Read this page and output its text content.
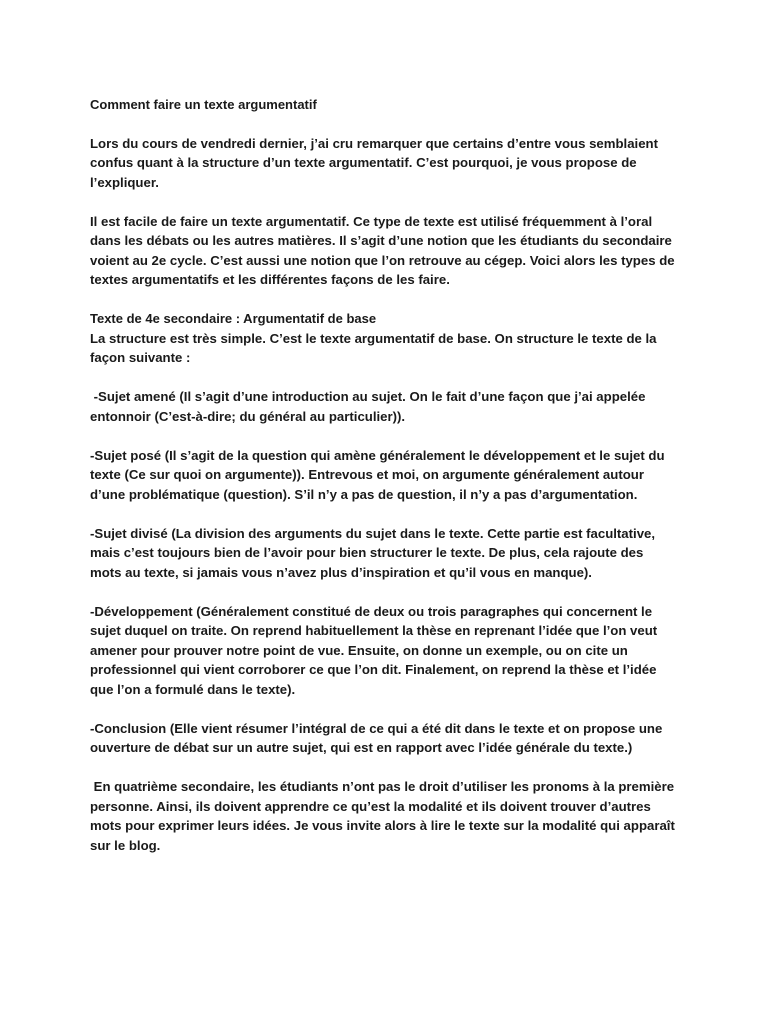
Comment faire un texte argumentatif
Lors du cours de vendredi dernier, j’ai cru remarquer que certains d’entre vous semblaient
confus quant à la structure d’un texte argumentatif. C’est pourquoi, je vous propose de
l’expliquer.
Il est facile de faire un texte argumentatif. Ce type de texte est utilisé fréquemment à l’oral
dans les débats ou les autres matières. Il s’agit d’une notion que les étudiants du secondaire
voient au 2e cycle. C’est aussi une notion que l’on retrouve au cégep. Voici alors les types de
textes argumentatifs et les différentes façons de les faire.
Texte de 4e secondaire : Argumentatif de base
La structure est très simple. C’est le texte argumentatif de base. On structure le texte de la
façon suivante :
-Sujet amené (Il s’agit d’une introduction au sujet. On le fait d’une façon que j’ai appelée
entonnoir (C’est-à-dire; du général au particulier)).
-Sujet posé (Il s’agit de la question qui amène généralement le développement et le sujet du
texte (Ce sur quoi on argumente)). Entrevous et moi, on argumente généralement autour
d’une problématique (question). S’il n’y a pas de question, il n’y a pas d’argumentation.
-Sujet divisé (La division des arguments du sujet dans le texte. Cette partie est facultative,
mais c’est toujours bien de l’avoir pour bien structurer le texte. De plus, cela rajoute des
mots au texte, si jamais vous n’avez plus d’inspiration et qu’il vous en manque).
-Développement (Généralement constitué de deux ou trois paragraphes qui concernent le
sujet duquel on traite. On reprend habituellement la thèse en reprenant l’idée que l’on veut
amener pour prouver notre point de vue. Ensuite, on donne un exemple, ou on cite un
professionnel qui vient corroborer ce que l’on dit. Finalement, on reprend la thèse et l’idée
que l’on a formulé dans le texte).
-Conclusion (Elle vient résumer l’intégral de ce qui a été dit dans le texte et on propose une
ouverture de débat sur un autre sujet, qui est en rapport avec l’idée générale du texte.)
En quatrième secondaire, les étudiants n’ont pas le droit d’utiliser les pronoms à la première
personne. Ainsi, ils doivent apprendre ce qu’est la modalité et ils doivent trouver d’autres
mots pour exprimer leurs idées. Je vous invite alors à lire le texte sur la modalité qui apparaît
sur le blog.
